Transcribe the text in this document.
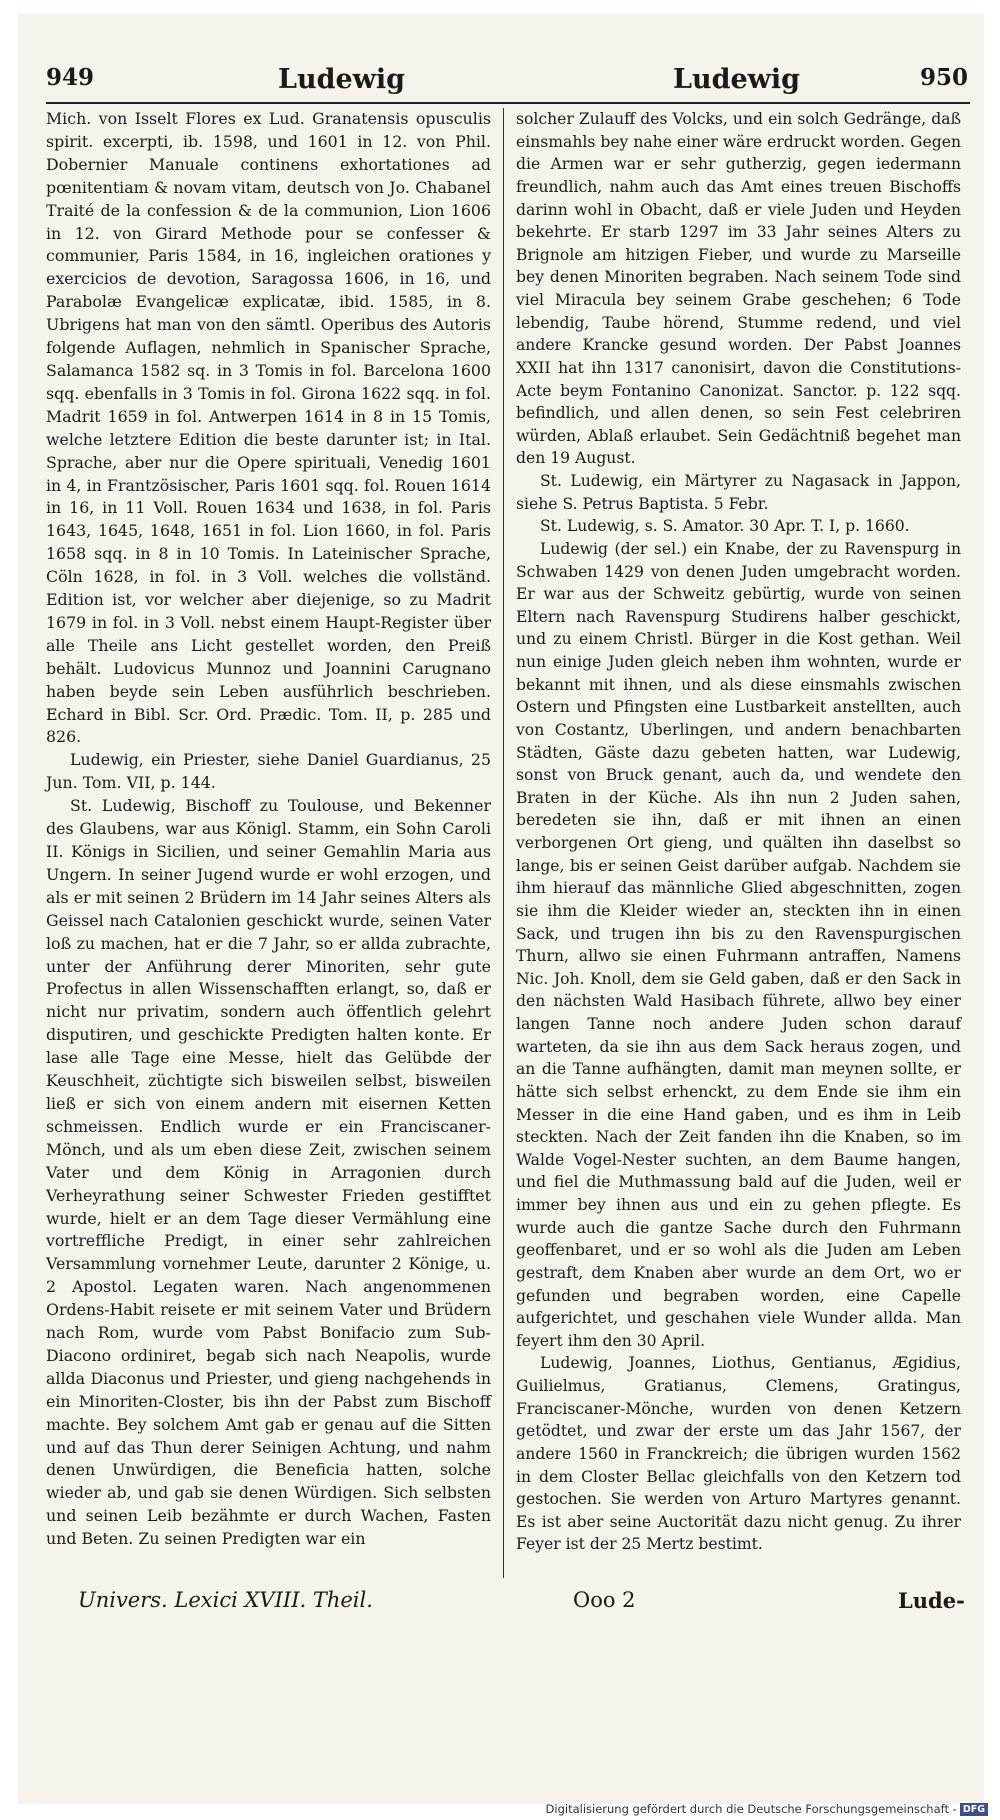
949	Ludewig	Ludewig	950

Mich. von Isselt Flores ex Lud. Granatensis opusculis spirit. excerpti, ib. 1598, und 1601 in 12. von Phil. Dobernier Manuale continens exhortationes ad pœnitentiam & novam vitam, deutsch von Jo. Chabanel Traité de la confession & de la communion, Lion 1606 in 12. von Girard Methode pour se confesser & communier, Paris 1584, in 16, ingleichen orationes y exercicios de devotion, Saragossa 1606, in 16, und Parabolæ Evangelicæ explicatæ, ibid. 1585, in 8. Ubrigens hat man von den sämtl. Operibus des Autoris folgende Auflagen, nehmlich in Spanischer Sprache, Salamanca 1582 sq. in 3 Tomis in fol. Barcelona 1600 sqq. ebenfalls in 3 Tomis in fol. Girona 1622 sqq. in fol. Madrit 1659 in fol. Antwerpen 1614 in 8 in 15 Tomis, welche letztere Edition die beste darunter ist; in Ital. Sprache, aber nur die Opere spirituali, Venedig 1601 in 4, in Frantzösischer, Paris 1601 sqq. fol. Rouen 1614 in 16, in 11 Voll. Rouen 1634 und 1638, in fol. Paris 1643, 1645, 1648, 1651 in fol. Lion 1660, in fol. Paris 1658 sqq. in 8 in 10 Tomis. In Lateinischer Sprache, Cöln 1628, in fol. in 3 Voll. welches die vollständ. Edition ist, vor welcher aber diejenige, so zu Madrit 1679 in fol. in 3 Voll. nebst einem Haupt-Register über alle Theile ans Licht gestellet worden, den Preiß behält. Ludovicus Munnoz und Joannini Carugnano haben beyde sein Leben ausführlich beschrieben. Echard in Bibl. Scr. Ord. Prædic. Tom. II, p. 285 und 826.

Ludewig, ein Priester, siehe Daniel Guardianus, 25 Jun. Tom. VII, p. 144.

St. Ludewig, Bischoff zu Toulouse, und Bekenner des Glaubens, war aus Königl. Stamm, ein Sohn Caroli II. Königs in Sicilien, und seiner Gemahlin Maria aus Ungern. In seiner Jugend wurde er wohl erzogen, und als er mit seinen 2 Brüdern im 14 Jahr seines Alters als Geissel nach Catalonien geschickt wurde, seinen Vater loß zu machen, hat er die 7 Jahr, so er allda zubrachte, unter der Anführung derer Minoriten, sehr gute Profectus in allen Wissenschafften erlangt, so, daß er nicht nur privatim, sondern auch öffentlich gelehrt disputiren, und geschickte Predigten halten konte. Er lase alle Tage eine Messe, hielt das Gelübde der Keuschheit, züchtigte sich bisweilen selbst, bisweilen ließ er sich von einem andern mit eisernen Ketten schmeissen. Endlich wurde er ein Franciscaner-Mönch, und als um eben diese Zeit, zwischen seinem Vater und dem König in Arragonien durch Verheyrathung seiner Schwester Frieden gestifftet wurde, hielt er an dem Tage dieser Vermählung eine vortreffliche Predigt, in einer sehr zahlreichen Versammlung vornehmer Leute, darunter 2 Könige, u. 2 Apostol. Legaten waren. Nach angenommenen Ordens-Habit reisete er mit seinem Vater und Brüdern nach Rom, wurde vom Pabst Bonifacio zum Sub-Diacono ordiniret, begab sich nach Neapolis, wurde allda Diaconus und Priester, und gieng nachgehends in ein Minoriten-Closter, bis ihn der Pabst zum Bischoff machte. Bey solchem Amt gab er genau auf die Sitten und auf das Thun derer Seinigen Achtung, und nahm denen Unwürdigen, die Beneficia hatten, solche wieder ab, und gab sie denen Würdigen. Sich selbsten und seinen Leib bezähmte er durch Wachen, Fasten und Beten. Zu seinen Predigten war ein

solcher Zulauff des Volcks, und ein solch Gedränge, daß einsmahls bey nahe einer wäre erdruckt worden. Gegen die Armen war er sehr gutherzig, gegen iedermann freundlich, nahm auch das Amt eines treuen Bischoffs darinn wohl in Obacht, daß er viele Juden und Heyden bekehrte. Er starb 1297 im 33 Jahr seines Alters zu Brignole am hitzigen Fieber, und wurde zu Marseille bey denen Minoriten begraben. Nach seinem Tode sind viel Miracula bey seinem Grabe geschehen; 6 Tode lebendig, Taube hörend, Stumme redend, und viel andere Krancke gesund worden. Der Pabst Joannes XXII hat ihn 1317 canonisirt, davon die Constitutions-Acte beym Fontanino Canonizat. Sanctor. p. 122 sqq. befindlich, und allen denen, so sein Fest celebriren würden, Ablaß erlaubet. Sein Gedächtniß begehet man den 19 August.

St. Ludewig, ein Märtyrer zu Nagasack in Jappon, siehe S. Petrus Baptista. 5 Febr.

St. Ludewig, s. S. Amator. 30 Apr. T. I, p. 1660.

Ludewig (der sel.) ein Knabe, der zu Ravenspurg in Schwaben 1429 von denen Juden umgebracht worden. Er war aus der Schweitz gebürtig, wurde von seinen Eltern nach Ravenspurg Studirens halber geschickt, und zu einem Christl. Bürger in die Kost gethan. Weil nun einige Juden gleich neben ihm wohnten, wurde er bekannt mit ihnen, und als diese einsmahls zwischen Ostern und Pfingsten eine Lustbarkeit anstellten, auch von Costantz, Uberlingen, und andern benachbarten Städten, Gäste dazu gebeten hatten, war Ludewig, sonst von Bruck genant, auch da, und wendete den Braten in der Küche. Als ihn nun 2 Juden sahen, beredeten sie ihn, daß er mit ihnen an einen verborgenen Ort gieng, und quälten ihn daselbst so lange, bis er seinen Geist darüber aufgab. Nachdem sie ihm hierauf das männliche Glied abgeschnitten, zogen sie ihm die Kleider wieder an, steckten ihn in einen Sack, und trugen ihn bis zu den Ravenspurgischen Thurn, allwo sie einen Fuhrmann antraffen, Namens Nic. Joh. Knoll, dem sie Geld gaben, daß er den Sack in den nächsten Wald Hasibach führete, allwo bey einer langen Tanne noch andere Juden schon darauf warteten, da sie ihn aus dem Sack heraus zogen, und an die Tanne aufhängten, damit man meynen sollte, er hätte sich selbst erhenckt, zu dem Ende sie ihm ein Messer in die eine Hand gaben, und es ihm in Leib steckten. Nach der Zeit fanden ihn die Knaben, so im Walde Vogel-Nester suchten, an dem Baume hangen, und fiel die Muthmassung bald auf die Juden, weil er immer bey ihnen aus und ein zu gehen pflegte. Es wurde auch die gantze Sache durch den Fuhrmann geoffenbaret, und er so wohl als die Juden am Leben gestraft, dem Knaben aber wurde an dem Ort, wo er gefunden und begraben worden, eine Capelle aufgerichtet, und geschahen viele Wunder allda. Man feyert ihm den 30 April.

Ludewig, Joannes, Liothus, Gentianus, Ægidius, Guilielmus, Gratianus, Clemens, Gratingus, Franciscaner-Mönche, wurden von denen Ketzern getödtet, und zwar der erste um das Jahr 1567, der andere 1560 in Franckreich; die übrigen wurden 1562 in dem Closter Bellac gleichfalls von den Ketzern tod gestochen. Sie werden von Arturo Martyres genannt. Es ist aber seine Auctorität dazu nicht genug. Zu ihrer Feyer ist der 25 Mertz bestimt.

Univers. Lexici XVIII. Theil.	Ooo 2	Lude-
Digitalisierung gefördert durch die Deutsche Forschungsgemeinschaft - DFG
